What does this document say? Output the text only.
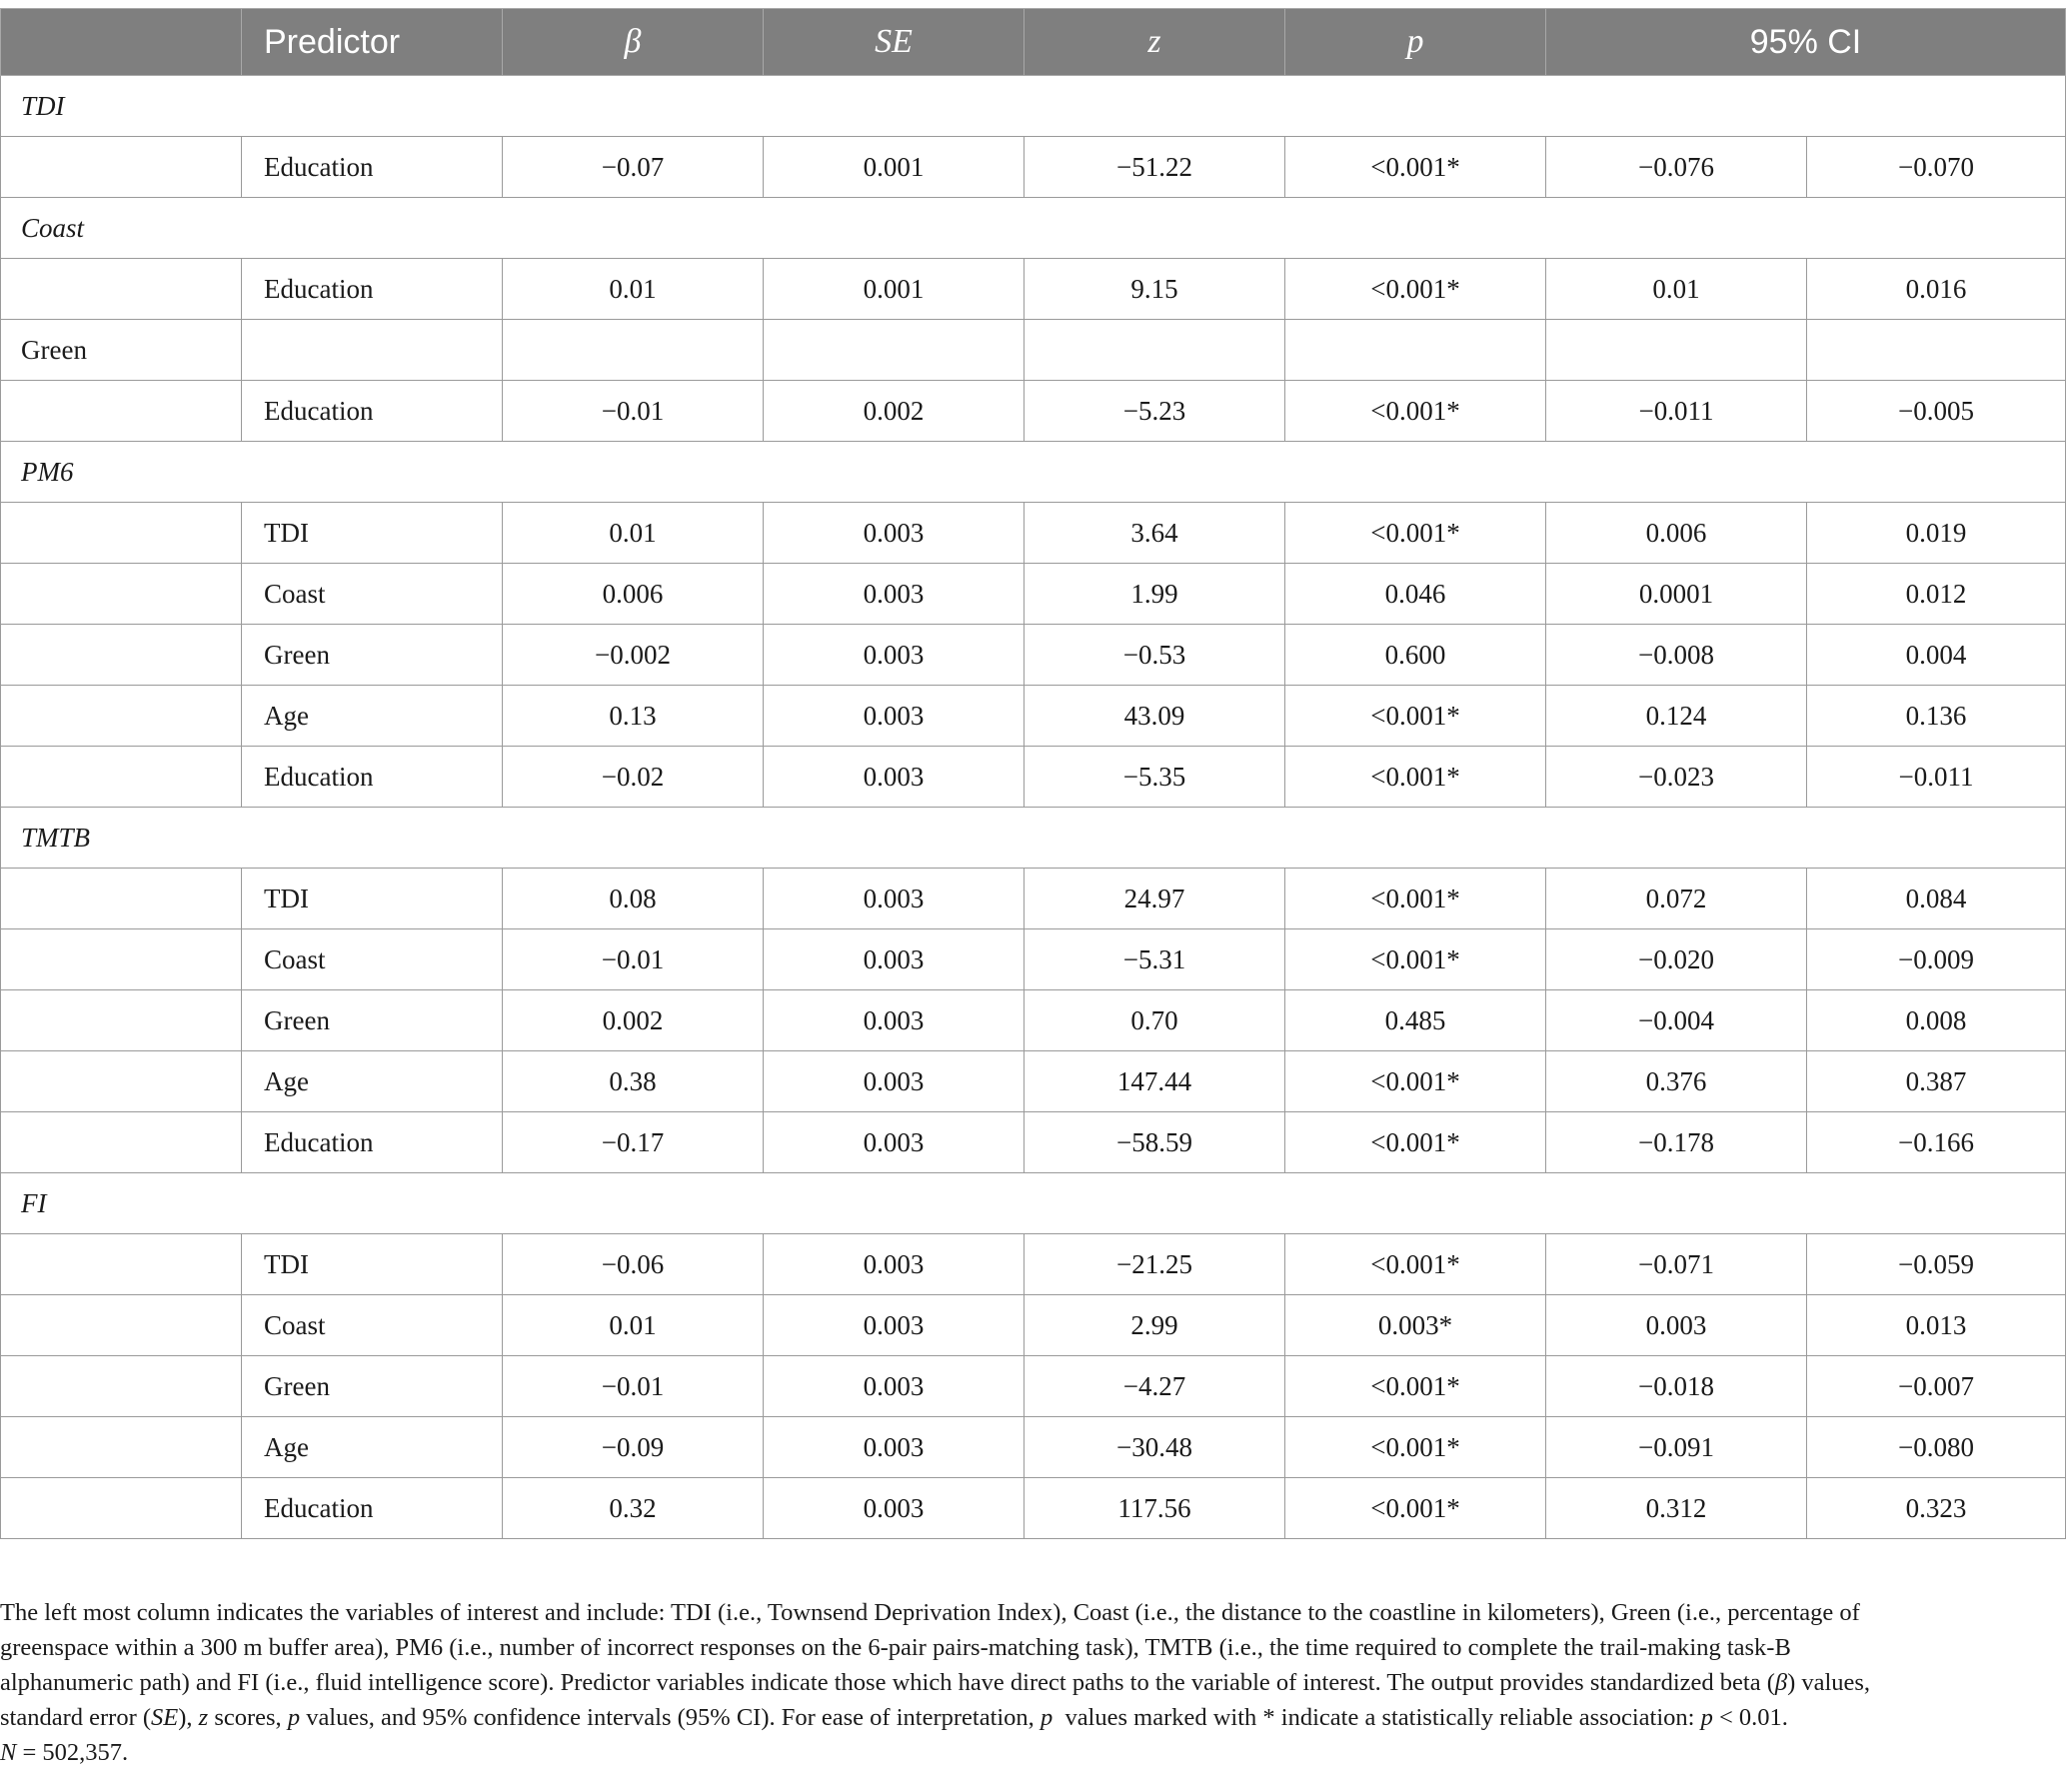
	Predictor	β	SE	z	p	95% CI	
TDI							
	Education	−0.07	0.001	−51.22	<0.001*	−0.076	−0.070
Coast							
	Education	0.01	0.001	9.15	<0.001*	0.01	0.016
Green							
	Education	−0.01	0.002	−5.23	<0.001*	−0.011	−0.005
PM6							
	TDI	0.01	0.003	3.64	<0.001*	0.006	0.019
	Coast	0.006	0.003	1.99	0.046	0.0001	0.012
	Green	−0.002	0.003	−0.53	0.600	−0.008	0.004
	Age	0.13	0.003	43.09	<0.001*	0.124	0.136
	Education	−0.02	0.003	−5.35	<0.001*	−0.023	−0.011
TMTB							
	TDI	0.08	0.003	24.97	<0.001*	0.072	0.084
	Coast	−0.01	0.003	−5.31	<0.001*	−0.020	−0.009
	Green	0.002	0.003	0.70	0.485	−0.004	0.008
	Age	0.38	0.003	147.44	<0.001*	0.376	0.387
	Education	−0.17	0.003	−58.59	<0.001*	−0.178	−0.166
FI							
	TDI	−0.06	0.003	−21.25	<0.001*	−0.071	−0.059
	Coast	0.01	0.003	2.99	0.003*	0.003	0.013
	Green	−0.01	0.003	−4.27	<0.001*	−0.018	−0.007
	Age	−0.09	0.003	−30.48	<0.001*	−0.091	−0.080
	Education	0.32	0.003	117.56	<0.001*	0.312	0.323
The left most column indicates the variables of interest and include: TDI (i.e., Townsend Deprivation Index), Coast (i.e., the distance to the coastline in kilometers), Green (i.e., percentage of
greenspace within a 300 m buffer area), PM6 (i.e., number of incorrect responses on the 6-pair pairs-matching task), TMTB (i.e., the time required to complete the trail-making task-B
alphanumeric path) and FI (i.e., fluid intelligence score). Predictor variables indicate those which have direct paths to the variable of interest. The output provides standardized beta (β) values,
standard error (SE), z scores, p values, and 95% confidence intervals (95% CI). For ease of interpretation, p  values marked with * indicate a statistically reliable association: p < 0.01.
N = 502,357.
